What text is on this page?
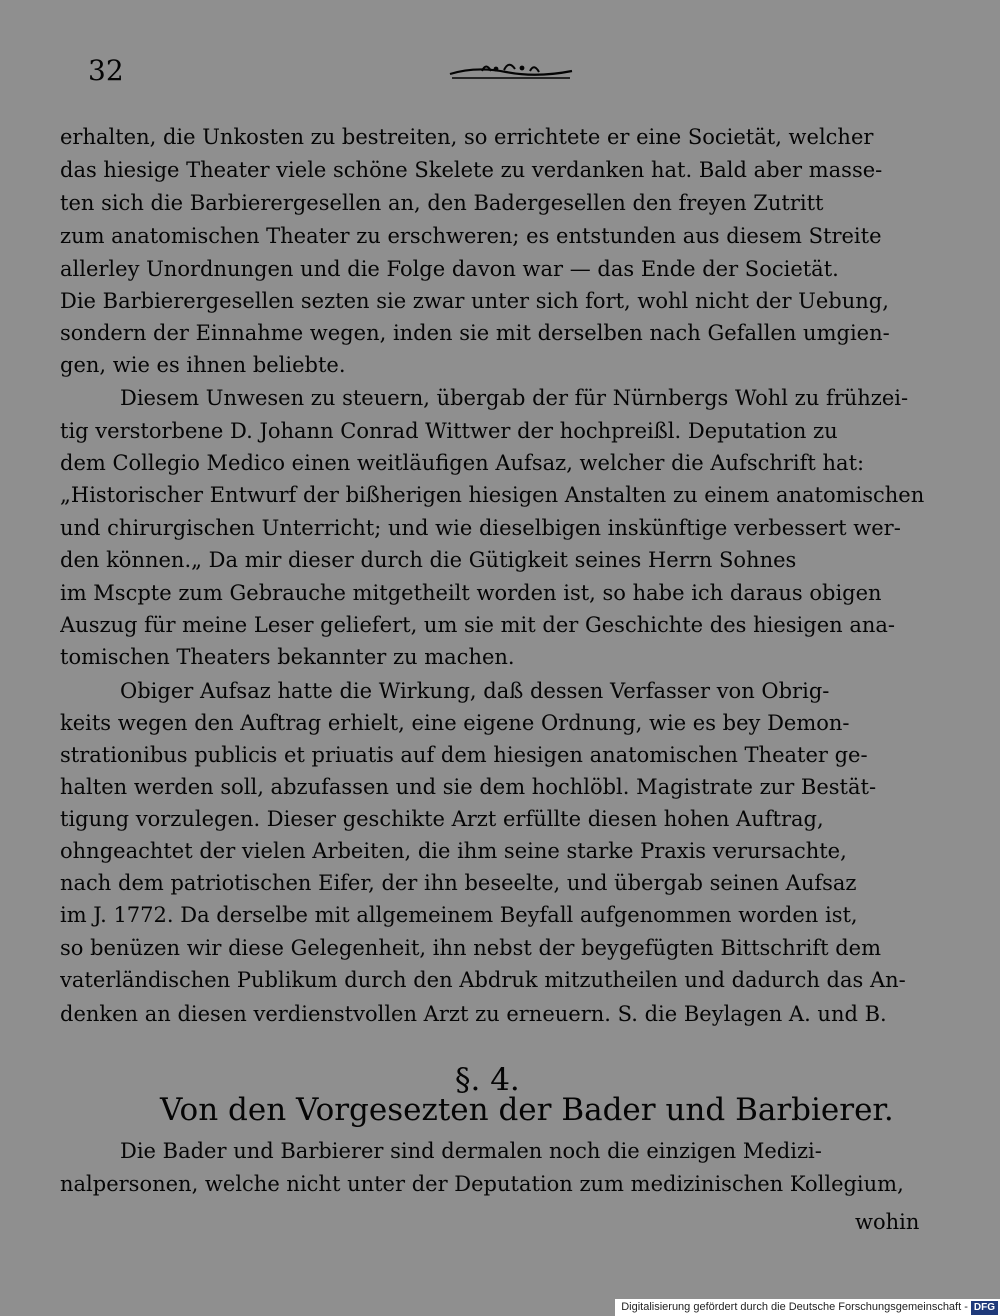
32
erhalten, die Unkosten zu bestreiten, so errichtete er eine Societät, welcher
das hiesige Theater viele schöne Skelete zu verdanken hat. Bald aber masse-
ten sich die Barbierergesellen an, den Badergesellen den freyen Zutritt
zum anatomischen Theater zu erschweren; es entstunden aus diesem Streite
allerley Unordnungen und die Folge davon war — das Ende der Societät.
Die Barbierergesellen sezten sie zwar unter sich fort, wohl nicht der Uebung,
sondern der Einnahme wegen, inden sie mit derselben nach Gefallen umgien-
gen, wie es ihnen beliebte.
Diesem Unwesen zu steuern, übergab der für Nürnbergs Wohl zu frühzei-
tig verstorbene D. Johann Conrad Wittwer der hochpreißl. Deputation zu
dem Collegio Medico einen weitläufigen Aufsaz, welcher die Aufschrift hat:
„Historischer Entwurf der bißherigen hiesigen Anstalten zu einem anatomischen
und chirurgischen Unterricht; und wie dieselbigen inskünftige verbessert wer-
den können.„ Da mir dieser durch die Gütigkeit seines Herrn Sohnes
im Mscpte zum Gebrauche mitgetheilt worden ist, so habe ich daraus obigen
Auszug für meine Leser geliefert, um sie mit der Geschichte des hiesigen ana-
tomischen Theaters bekannter zu machen.
Obiger Aufsaz hatte die Wirkung, daß dessen Verfasser von Obrig-
keits wegen den Auftrag erhielt, eine eigene Ordnung, wie es bey Demon-
strationibus publicis et priuatis auf dem hiesigen anatomischen Theater ge-
halten werden soll, abzufassen und sie dem hochlöbl. Magistrate zur Bestät-
tigung vorzulegen. Dieser geschikte Arzt erfüllte diesen hohen Auftrag,
ohngeachtet der vielen Arbeiten, die ihm seine starke Praxis verursachte,
nach dem patriotischen Eifer, der ihn beseelte, und übergab seinen Aufsaz
im J. 1772. Da derselbe mit allgemeinem Beyfall aufgenommen worden ist,
so benüzen wir diese Gelegenheit, ihn nebst der beygefügten Bittschrift dem
vaterländischen Publikum durch den Abdruk mitzutheilen und dadurch das An-
denken an diesen verdienstvollen Arzt zu erneuern. S. die Beylagen A. und B.
§. 4.
Von den Vorgesezten der Bader und Barbierer.
Die Bader und Barbierer sind dermalen noch die einzigen Medizi-
nalpersonen, welche nicht unter der Deputation zum medizinischen Kollegium,
wohin
Digitalisierung gefördert durch die Deutsche Forschungsgemeinschaft - DFG
